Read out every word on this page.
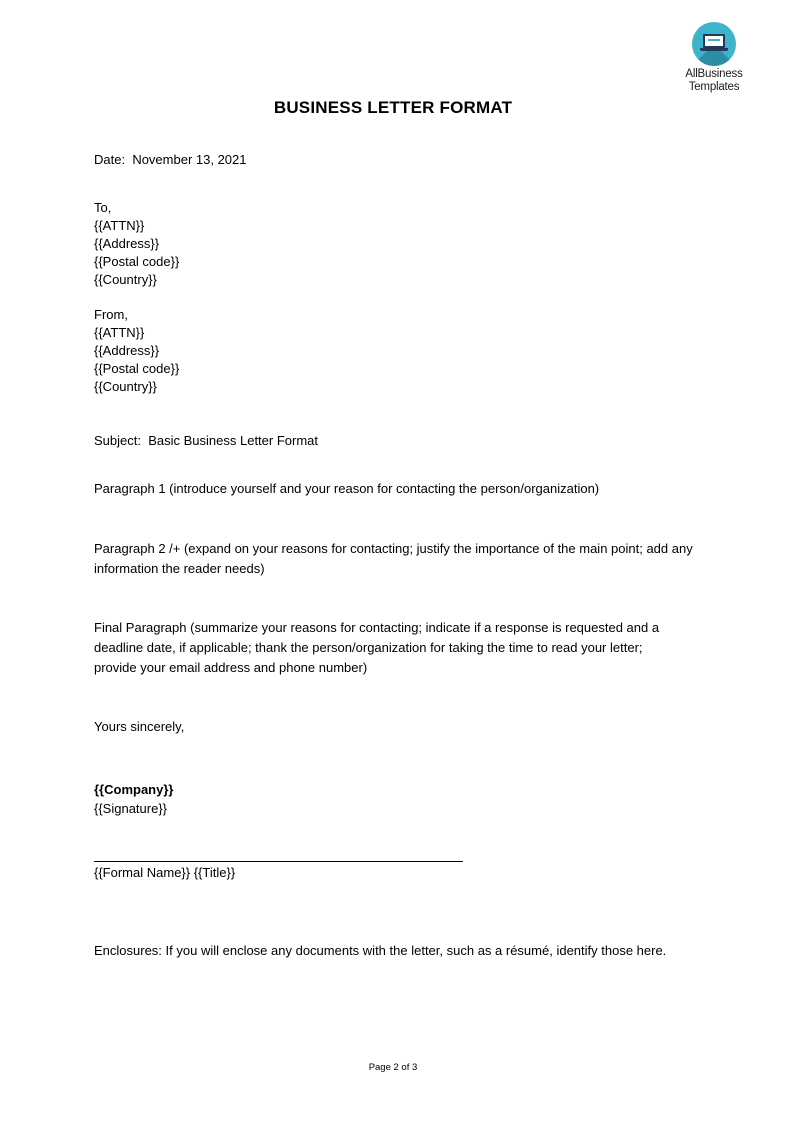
AllBusiness
Templates
BUSINESS LETTER FORMAT
Date: November 13, 2021
To,
{{ATTN}}
{{Address}}
{{Postal code}}
{{Country}}
From,
{{ATTN}}
{{Address}}
{{Postal code}}
{{Country}}
Subject: Basic Business Letter Format
Paragraph 1 (introduce yourself and your reason for contacting the person/organization)
Paragraph 2 /+ (expand on your reasons for contacting; justify the importance of the main point; add any information the reader needs)
Final Paragraph (summarize your reasons for contacting; indicate if a response is requested and a deadline date, if applicable; thank the person/organization for taking the time to read your letter; provide your email address and phone number)
Yours sincerely,
{{Company}}
{{Signature}}
{{Formal Name}} {{Title}}
Enclosures: If you will enclose any documents with the letter, such as a résumé, identify those here.
Page 2 of 3
